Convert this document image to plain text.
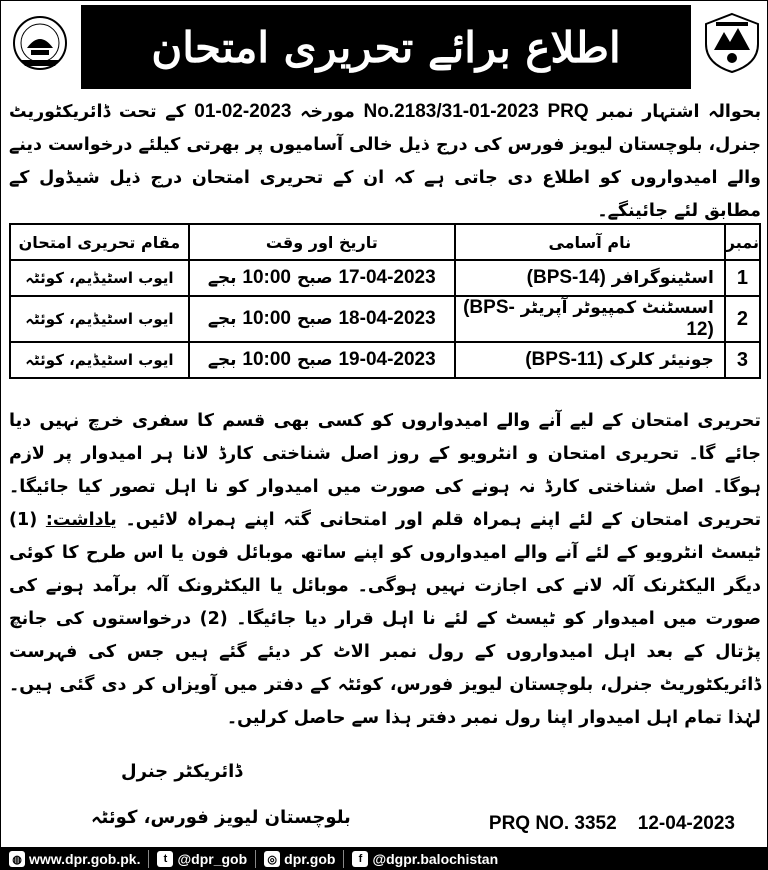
اطلاع برائے تحریری امتحان
بحوالہ اشتہار نمبر No.2183/31-01-2023 PRQ مورخہ 01-02-2023 کے تحت ڈائریکٹوریٹ جنرل، بلوچستان لیویز فورس کی درج ذیل خالی آسامیوں پر بھرتی کیلئے درخواست دینے والے امیدواروں کو اطلاع دی جاتی ہے کہ ان کے تحریری امتحان درج ذیل شیڈول کے مطابق لئے جائینگے۔
نمبر	نام آسامی	تاریخ اور وقت	مقام تحریری امتحان
1	اسٹینوگرافر (BPS-14)	17-04-2023 صبح 10:00 بجے	ایوب اسٹیڈیم، کوئٹہ
2	اسسٹنٹ کمپیوٹر آپریٹر (BPS-12)	18-04-2023 صبح 10:00 بجے	ایوب اسٹیڈیم، کوئٹہ
3	جونیئر کلرک (BPS-11)	19-04-2023 صبح 10:00 بجے	ایوب اسٹیڈیم، کوئٹہ
تحریری امتحان کے لیے آنے والے امیدواروں کو کسی بھی قسم کا سفری خرچ نہیں دیا جائے گا۔ تحریری امتحان و انٹرویو کے روز اصل شناختی کارڈ لانا ہر امیدوار پر لازم ہوگا۔ اصل شناختی کارڈ نہ ہونے کی صورت میں امیدوار کو نا اہل تصور کیا جائیگا۔ تحریری امتحان کے لئے اپنے ہمراہ قلم اور امتحانی گتہ اپنے ہمراہ لائیں۔ یاداشت: (1) ٹیسٹ انٹرویو کے لئے آنے والے امیدواروں کو اپنے ساتھ موبائل فون یا اس طرح کا کوئی دیگر الیکٹرنک آلہ لانے کی اجازت نہیں ہوگی۔ موبائل یا الیکٹرونک آلہ برآمد ہونے کی صورت میں امیدوار کو ٹیسٹ کے لئے نا اہل قرار دیا جائیگا۔ (2) درخواستوں کی جانچ پڑتال کے بعد اہل امیدواروں کے رول نمبر الاٹ کر دیئے گئے ہیں جس کی فہرست ڈائریکٹوریٹ جنرل، بلوچستان لیویز فورس، کوئٹہ کے دفتر میں آویزاں کر دی گئی ہیں۔ لہٰذا تمام اہل امیدوار اپنا رول نمبر دفتر ہذا سے حاصل کرلیں۔
ڈائریکٹر جنرل
بلوچستان لیویز فورس، کوئٹہ	PRQ NO. 3352 12-04-2023
◍ www.dpr.gob.pk.	t @dpr_gob ◎ dpr.gob	f @dgpr.balochistan
